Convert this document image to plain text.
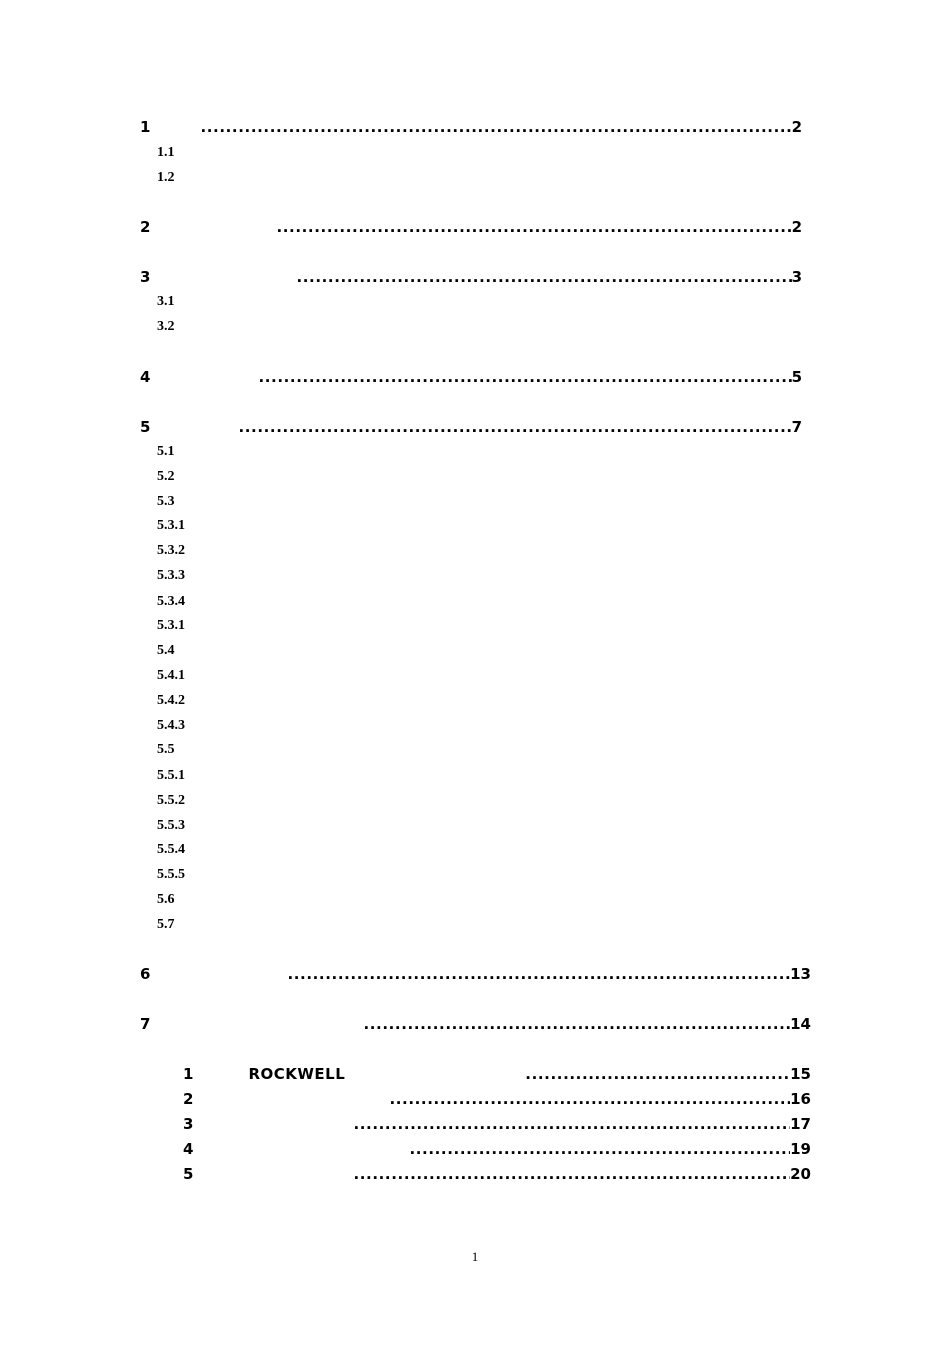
1 .....	2
1.1
1.2
2 .....	2
3 .....	3
3.1
3.2
4 .....	5
5 .....	7
5.1
5.2
5.3
5.3.1
5.3.2
5.3.3
5.3.4
5.3.1
5.4
5.4.1
5.4.2
5.4.3
5.5
5.5.1
5.5.2
5.5.3
5.5.4
5.5.5
5.6
5.7
6 .....	13
7 .....	14
1	ROCKWELL .....	15
2 .....	16
3 .....	17
4 .....	19
5 .....	20
1
